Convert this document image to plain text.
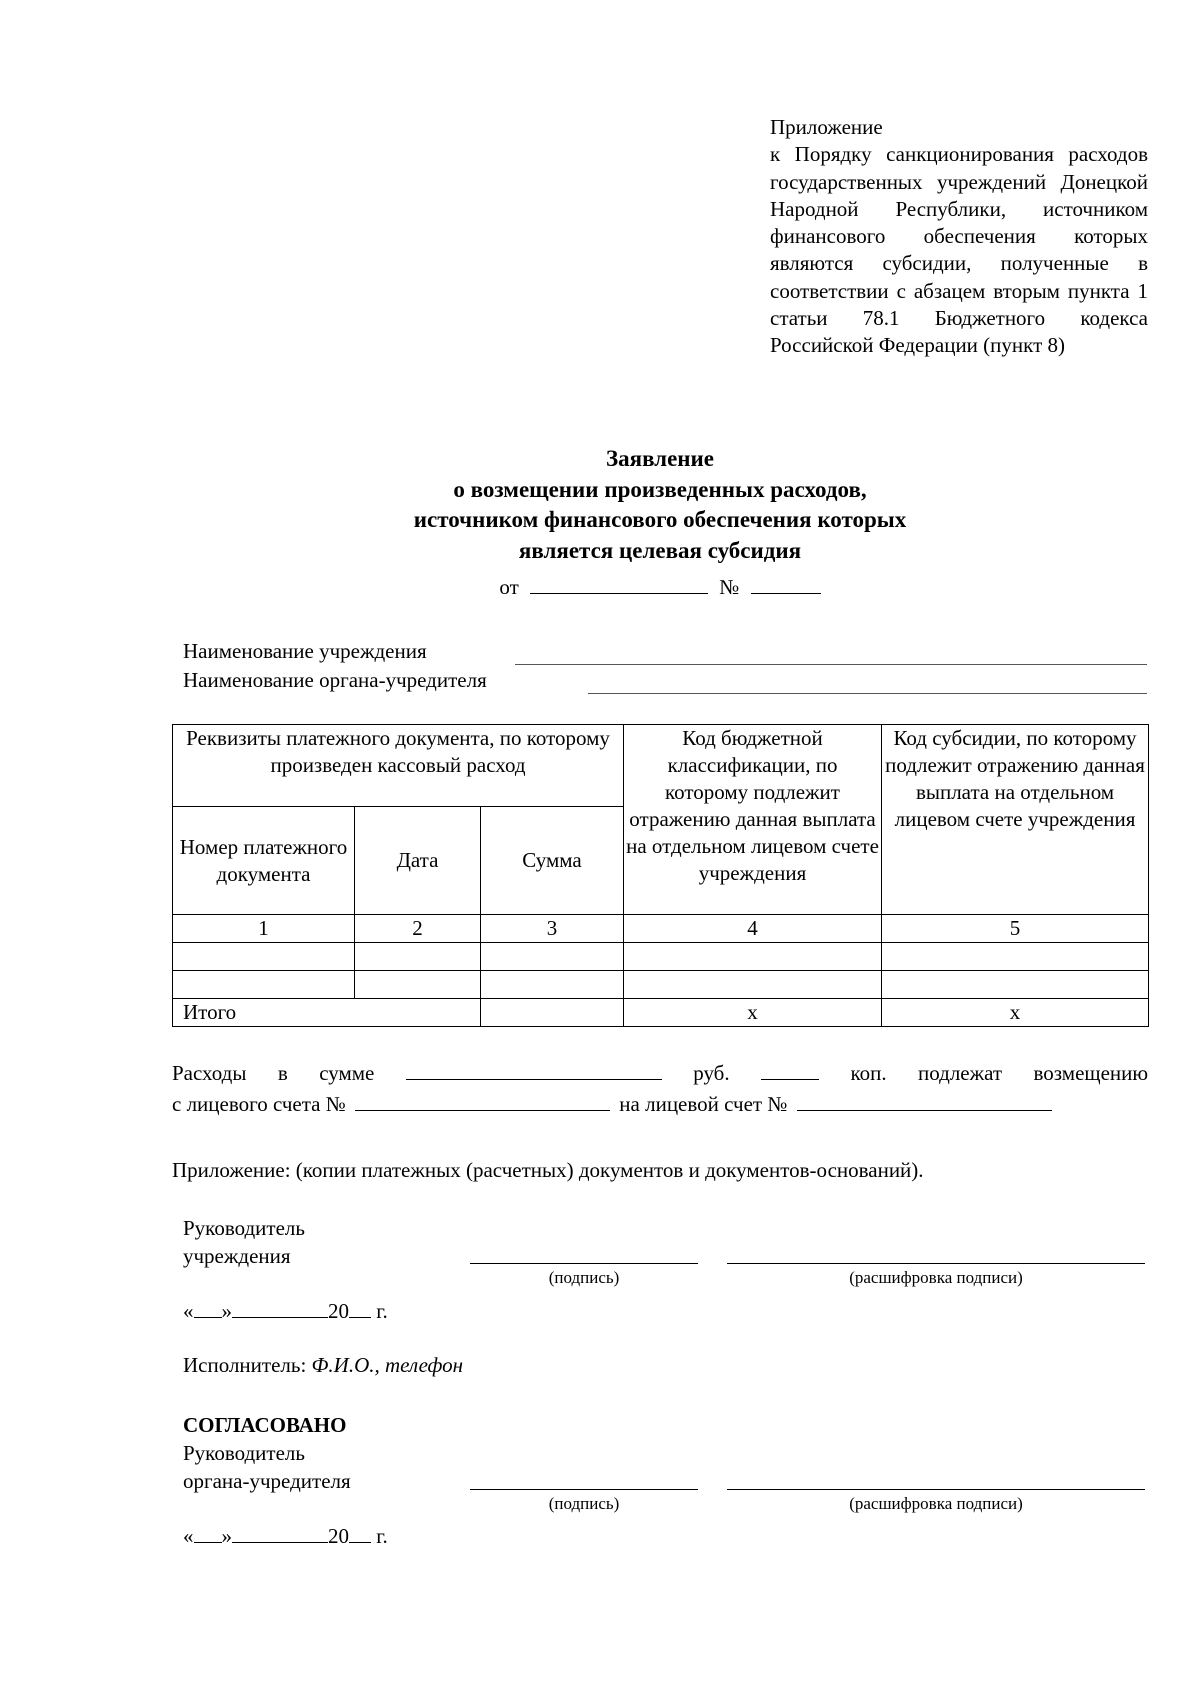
Приложение
к Порядку санкционирования расходов государственных учреждений Донецкой Народной Республики, источником финансового обеспечения которых являются субсидии, полученные в соответствии с абзацем вторым пункта 1 статьи 78.1 Бюджетного кодекса Российской Федерации (пункт 8)
Заявление
о возмещении произведенных расходов,
источником финансового обеспечения которых
является целевая субсидия
от	№
Наименование учреждения
Наименование органа-учредителя
Реквизиты платежного документа, по которому произведен кассовый расход			Код бюджетной классификации, по которому подлежит отражению данная выплата на отдельном лицевом счете учреждения	Код субсидии, по которому подлежит отражению данная выплата на отдельном лицевом счете учреждения
Номер платежного документа	Дата	Сумма		
1	2	3	4	5

Итого			х	х
Расходы в сумме	руб.	коп. подлежат возмещению
с лицевого счета №	на лицевой счет №
Приложение: (копии платежных (расчетных) документов и документов-оснований).
Руководитель
учреждения
(подпись)	(расшифровка подписи)
« »	20 г.
Исполнитель: Ф.И.О., телефон
СОГЛАСОВАНО
Руководитель
органа-учредителя
(подпись)	(расшифровка подписи)
« »	20 г.
